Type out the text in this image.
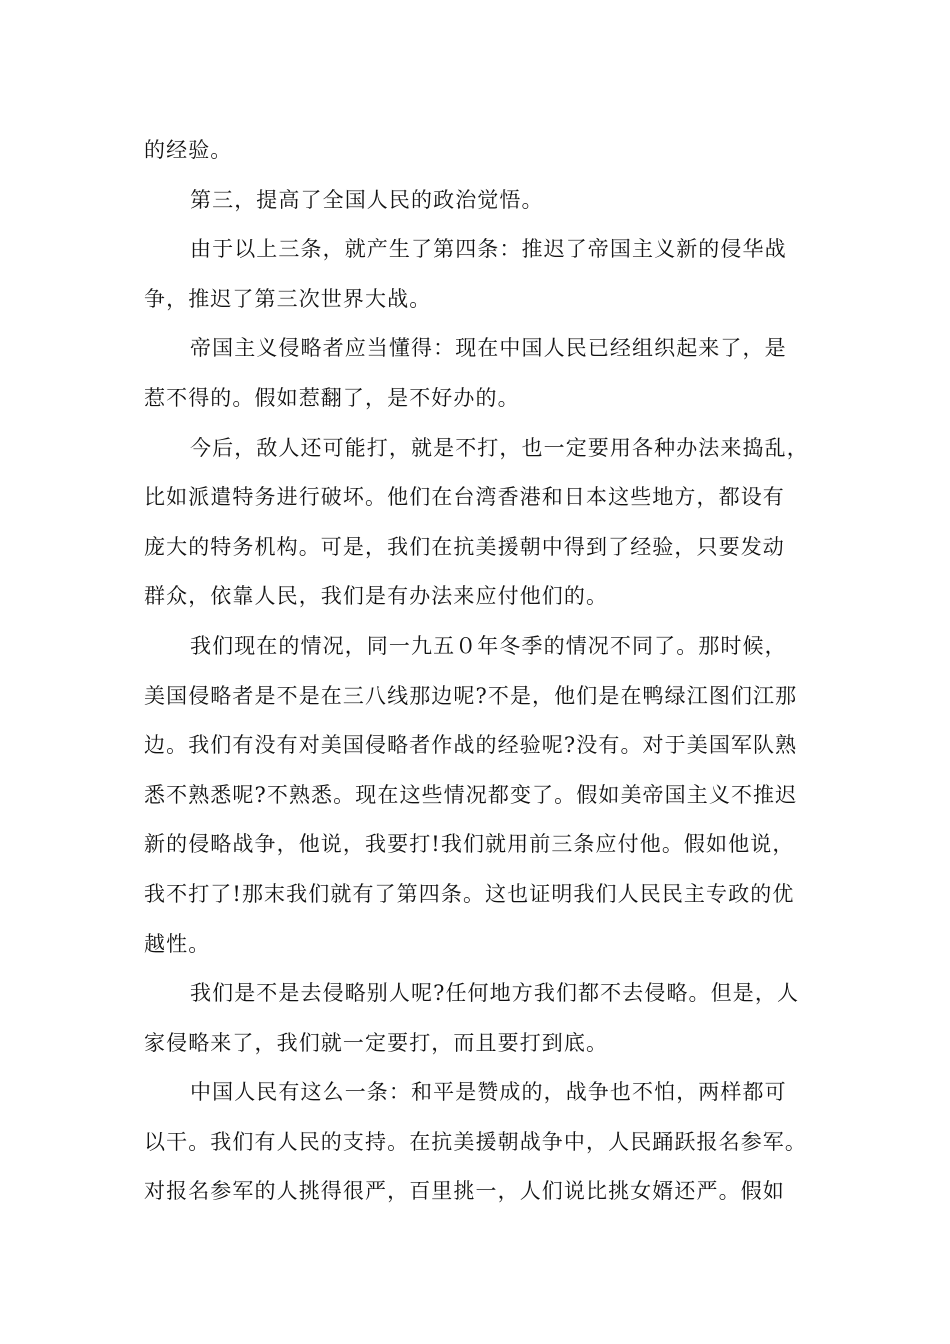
的经验。
第三，提高了全国人民的政治觉悟。
由于以上三条，就产生了第四条：推迟了帝国主义新的侵华战
争，推迟了第三次世界大战。
帝国主义侵略者应当懂得：现在中国人民已经组织起来了，是
惹不得的。假如惹翻了，是不好办的。
今后，敌人还可能打，就是不打，也一定要用各种办法来捣乱，
比如派遣特务进行破坏。他们在台湾香港和日本这些地方，都设有
庞大的特务机构。可是，我们在抗美援朝中得到了经验，只要发动
群众，依靠人民，我们是有办法来应付他们的。
我们现在的情况，同一九五０年冬季的情况不同了。那时候，
美国侵略者是不是在三八线那边呢?不是，他们是在鸭绿江图们江那
边。我们有没有对美国侵略者作战的经验呢?没有。对于美国军队熟
悉不熟悉呢?不熟悉。现在这些情况都变了。假如美帝国主义不推迟
新的侵略战争，他说，我要打!我们就用前三条应付他。假如他说，
我不打了!那末我们就有了第四条。这也证明我们人民民主专政的优
越性。
我们是不是去侵略别人呢?任何地方我们都不去侵略。但是，人
家侵略来了，我们就一定要打，而且要打到底。
中国人民有这么一条：和平是赞成的，战争也不怕，两样都可
以干。我们有人民的支持。在抗美援朝战争中，人民踊跃报名参军。
对报名参军的人挑得很严，百里挑一，人们说比挑女婿还严。假如
